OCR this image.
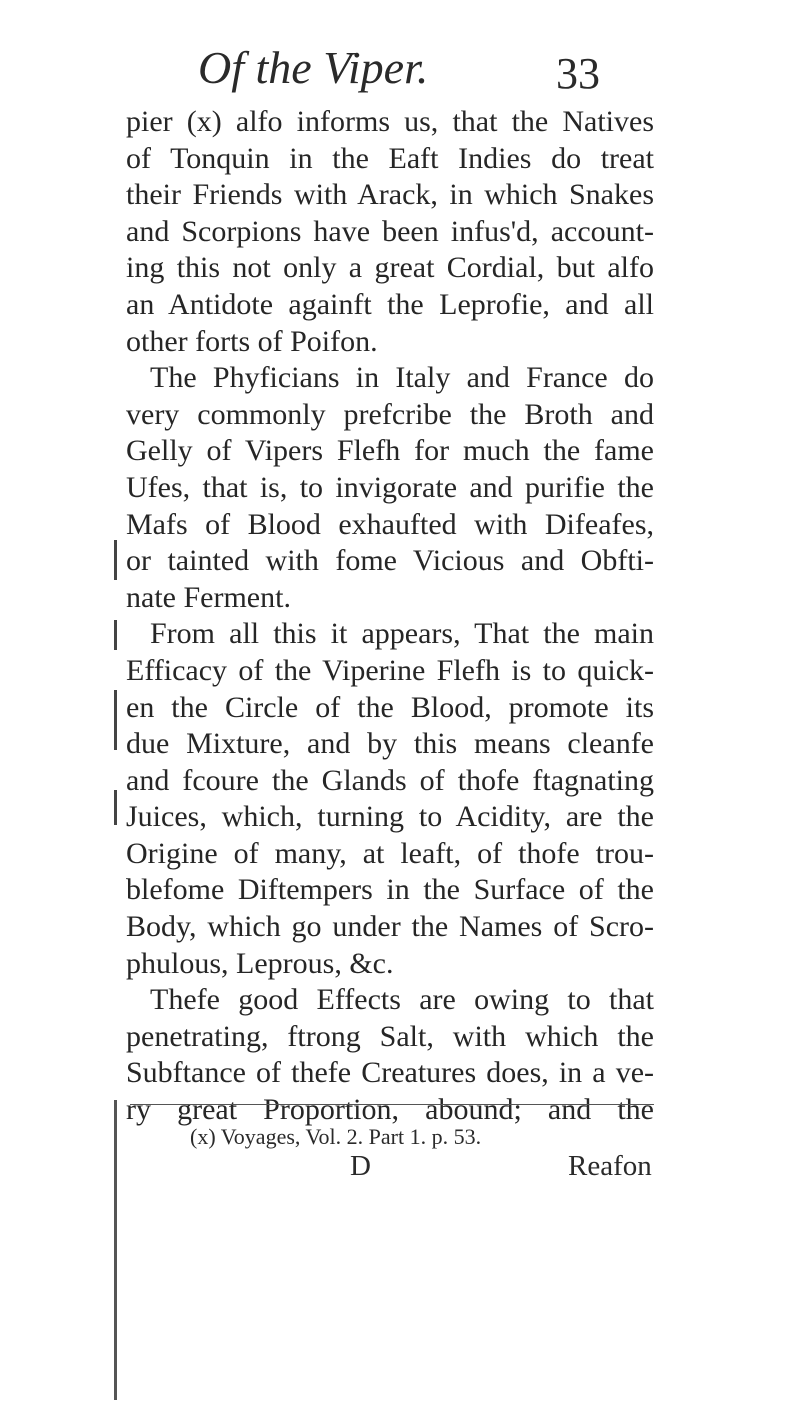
Of the Viper.	33
pier (x) alfo informs us, that the Natives
of Tonquin in the Eaft Indies do treat
their Friends with Arack, in which Snakes
and Scorpions have been infus'd, account-
ing this not only a great Cordial, but alfo
an Antidote againft the Leprofie, and all
other forts of Poifon.
The Phyficians in Italy and France do
very commonly prefcribe the Broth and
Gelly of Vipers Flefh for much the fame
Ufes, that is, to invigorate and purifie the
Mafs of Blood exhaufted with Difeafes,
or tainted with fome Vicious and Obfti-
nate Ferment.
From all this it appears, That the main
Efficacy of the Viperine Flefh is to quick-
en the Circle of the Blood, promote its
due Mixture, and by this means cleanfe
and fcoure the Glands of thofe ftagnating
Juices, which, turning to Acidity, are the
Origine of many, at leaft, of thofe trou-
blefome Diftempers in the Surface of the
Body, which go under the Names of Scro-
phulous, Leprous, &c.
Thefe good Effects are owing to that
penetrating, ftrong Salt, with which the
Subftance of thefe Creatures does, in a ve-
ry great Proportion, abound; and the
(x) Voyages, Vol. 2. Part 1. p. 53.
D	Reafon
